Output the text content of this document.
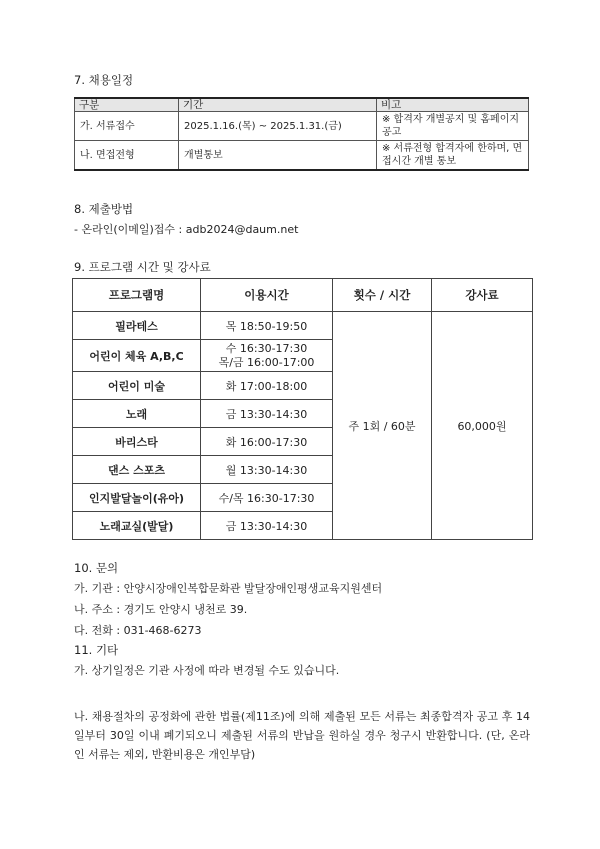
7. 채용일정
구분	기간	비고
가. 서류접수	2025.1.16.(목) ~ 2025.1.31.(금)	※ 합격자 개별공지 및 홈페이지 공고
나. 면접전형	개별통보	※ 서류전형 합격자에 한하며, 면접시간 개별 통보
8. 제출방법
- 온라인(이메일)접수 : adb2024@daum.net
9. 프로그램 시간 및 강사료
프로그램명	이용시간	횟수 / 시간	강사료
필라테스	목 18:50-19:50	주 1회 / 60분	60,000원
어린이 체육 A,B,C	수 16:30-17:30
목/금 16:00-17:00		

어린이 미술	화 17:00-18:00		
노래	금 13:30-14:30		
바리스타	화 16:00-17:30		
댄스 스포츠	월 13:30-14:30		
인지발달놀이(유아)	수/목 16:30-17:30		
노래교실(발달)	금 13:30-14:30		
10. 문의
가. 기관 : 안양시장애인복합문화관 발달장애인평생교육지원센터
나. 주소 : 경기도 안양시 냉천로 39.
다. 전화 : 031-468-6273
11. 기타
가. 상기일정은 기관 사정에 따라 변경될 수도 있습니다.
나. 채용절차의 공정화에 관한 법률(제11조)에 의해 제출된 모든 서류는 최종합격자 공고 후 14일부터 30일 이내 폐기되오니 제출된 서류의 반납을 원하실 경우 청구시 반환합니다. (단, 온라인 서류는 제외, 반환비용은 개인부담)
